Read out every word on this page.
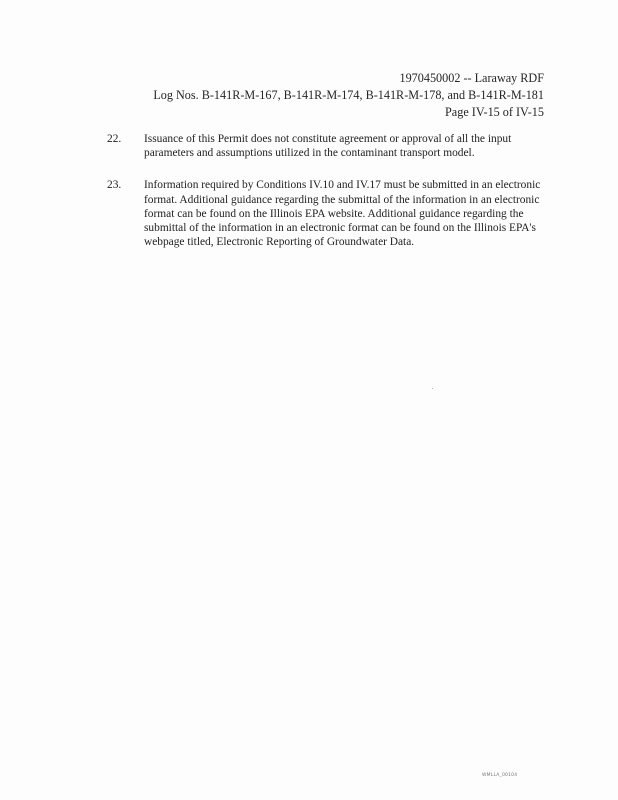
1970450002 -- Laraway RDF
Log Nos. B-141R-M-167, B-141R-M-174, B-141R-M-178, and B-141R-M-181
Page IV-15 of IV-15
22.	Issuance of this Permit does not constitute agreement or approval of all the input parameters and assumptions utilized in the contaminant transport model.
23.	Information required by Conditions IV.10 and IV.17 must be submitted in an electronic format. Additional guidance regarding the submittal of the information in an electronic format can be found on the Illinois EPA website. Additional guidance regarding the submittal of the information in an electronic format can be found on the Illinois EPA's webpage titled, Electronic Reporting of Groundwater Data.
WMLLA_00104
